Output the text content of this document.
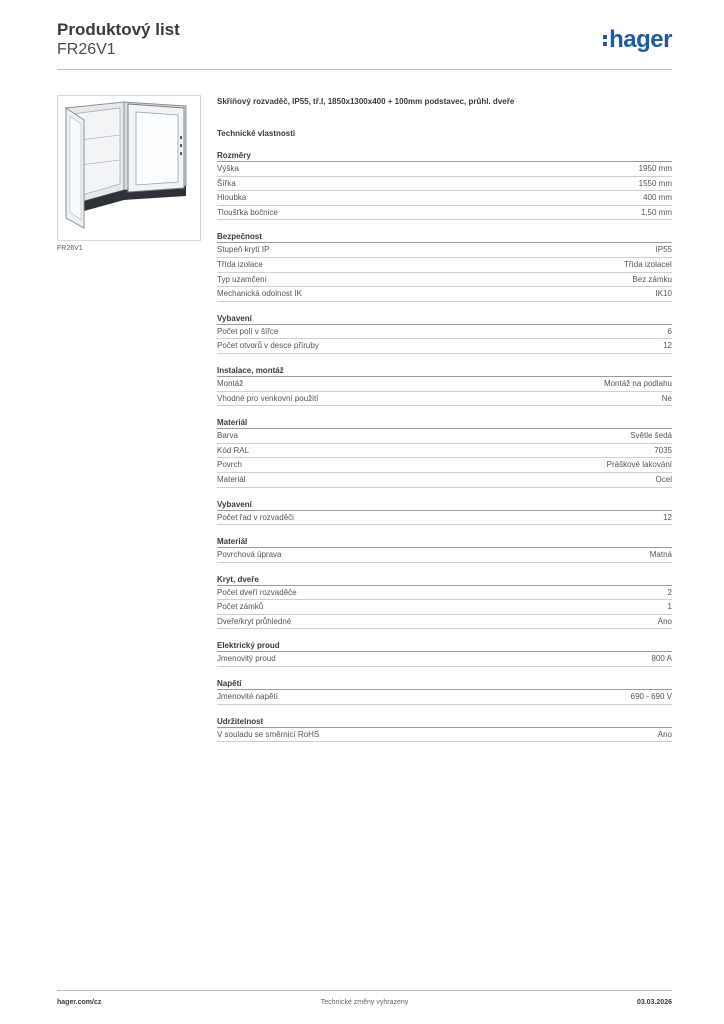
Produktový list
FR26V1	hager
FR26V1
Skříňový rozvaděč, IP55, tř.I, 1850x1300x400 + 100mm podstavec, průhl. dveře
Technické vlastnosti
Rozměry
Výška	1950 mm
Šířka	1550 mm
Hloubka	400 mm
Tloušťka bočnice	1,50 mm
Bezpečnost
Stupeň krytí IP	IP55
Třída izolace	Třída izolaceI
Typ uzamčení	Bez zámku
Mechanická odolnost IK	IK10
Vybavení
Počet polí v šířce	6
Počet otvorů v desce příruby	12
Instalace, montáž
Montáž	Montáž na podlahu
Vhodné pro venkovní použití	Ne
Materiál
Barva	Světle šedá
Kód RAL	7035
Povrch	Práškové lakování
Materiál	Ocel
Vybavení
Počet řad v rozvaděči	12
Materiál
Povrchová úprava	Matná
Kryt, dveře
Počet dveří rozvaděče	2
Počet zámků	1
Dveře/kryt průhledné	Ano
Elektrický proud
Jmenovitý proud	800 A
Napětí
Jmenovité napětí	690 - 690 V
Udržitelnost
V souladu se směrnicí RoHS	Ano
hager.com/cz	Technické změny vyhrazeny	03.03.2026
